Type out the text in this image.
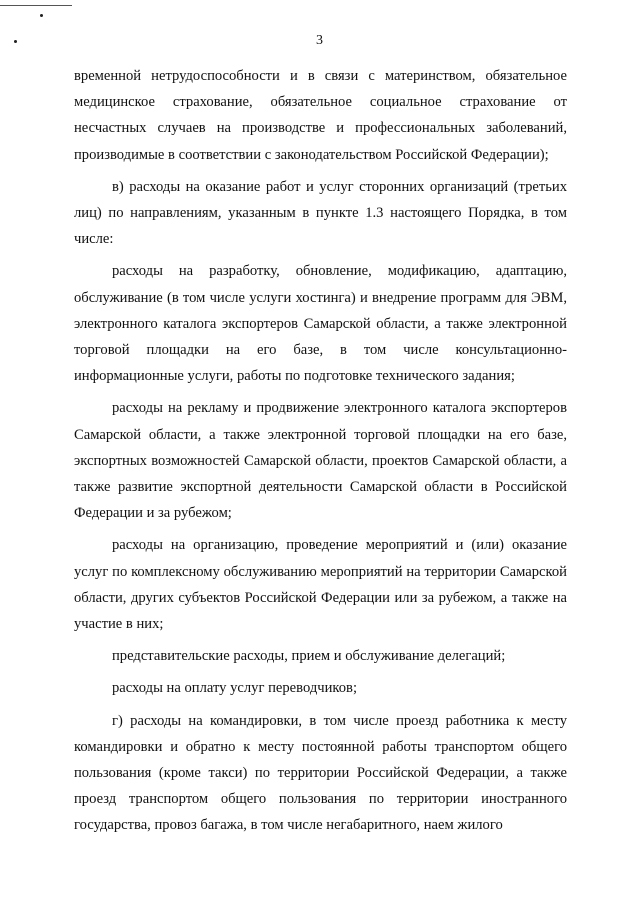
3

временной нетрудоспособности и в связи с материнством, обязательное медицинское страхование, обязательное социальное страхование от несчастных случаев на производстве и профессиональных заболеваний, производимые в соответствии с законодательством Российской Федерации);

в) расходы на оказание работ и услуг сторонних организаций (третьих лиц) по направлениям, указанным в пункте 1.3 настоящего Порядка, в том числе:

расходы на разработку, обновление, модификацию, адаптацию, обслуживание (в том числе услуги хостинга) и внедрение программ для ЭВМ, электронного каталога экспортеров Самарской области, а также электронной торговой площадки на его базе, в том числе консультационно-информационные услуги, работы по подготовке технического задания;

расходы на рекламу и продвижение электронного каталога экспортеров Самарской области, а также электронной торговой площадки на его базе, экспортных возможностей Самарской области, проектов Самарской области, а также развитие экспортной деятельности Самарской области в Российской Федерации и за рубежом;

расходы на организацию, проведение мероприятий и (или) оказание услуг по комплексному обслуживанию мероприятий на территории Самарской области, других субъектов Российской Федерации или за рубежом, а также на участие в них;

представительские расходы, прием и обслуживание делегаций;

расходы на оплату услуг переводчиков;

г) расходы на командировки, в том числе проезд работника к месту командировки и обратно к месту постоянной работы транспортом общего пользования (кроме такси) по территории Российской Федерации, а также проезд транспортом общего пользования по территории иностранного государства, провоз багажа, в том числе негабаритного, наем жилого
